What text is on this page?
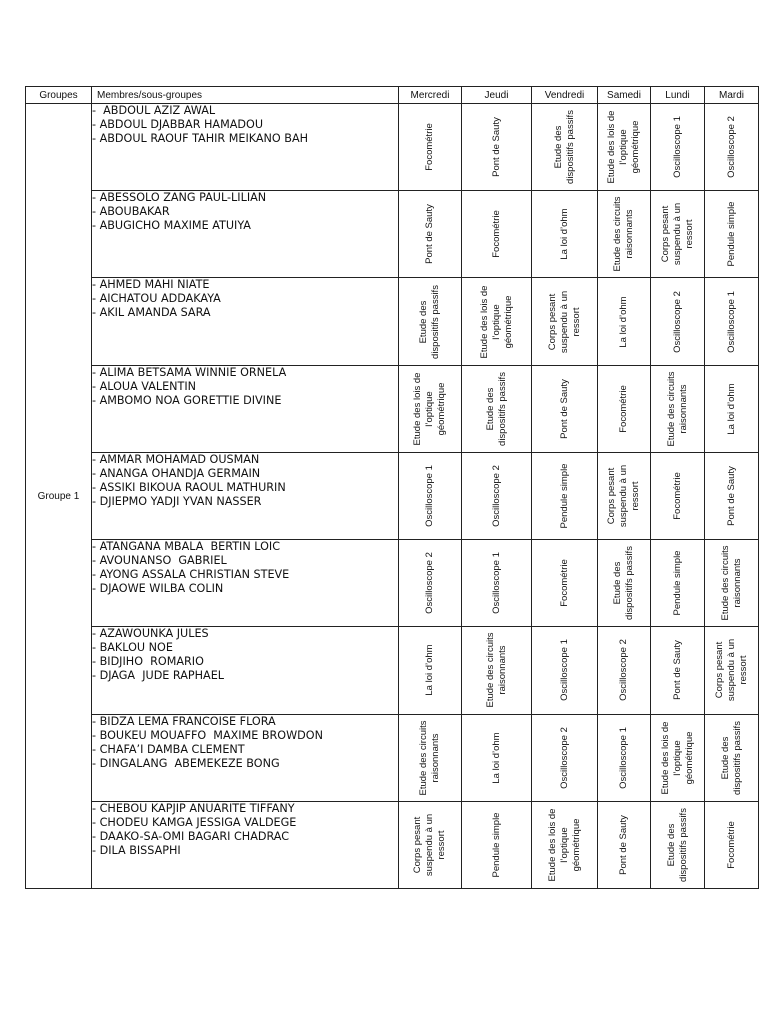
Groupes	Membres/sous-groupes	Mercredi	Jeudi	Vendredi	Samedi	Lundi	Mardi
Groupe 1	-  ABDOUL AZIZ AWAL
- ABDOUL DJABBAR HAMADOU
- ABDOUL RAOUF TAHIR MEIKANO BAH	Focométrie	Pont de Sauty	Etude des dispositifs passifs	Etude des lois de l’optique géométrique	Oscilloscope 1	Oscilloscope 2

	- ABESSOLO ZANG PAUL-LILIAN
- ABOUBAKAR
- ABUGICHO MAXIME ATUIYA	Pont de Sauty	Focométrie	La loi d’ohm	Etude des circuits raisonnants	Corps pesant suspendu à un ressort	Pendule simple

	- AHMED MAHI NIATE
- AICHATOU ADDAKAYA
- AKIL AMANDA SARA	Etude des dispositifs passifs	Etude des lois de l’optique géométrique	Corps pesant suspendu à un ressort	La loi d’ohm	Oscilloscope 2	Oscilloscope 1

	- ALIMA BETSAMA WINNIE ORNELA
- ALOUA VALENTIN
- AMBOMO NOA GORETTIE DIVINE	Etude des lois de l’optique géométrique	Etude des dispositifs passifs	Pont de Sauty	Focométrie	Etude des circuits raisonnants	La loi d’ohm

	- AMMAR MOHAMAD OUSMAN
- ANANGA OHANDJA GERMAIN
- ASSIKI BIKOUA RAOUL MATHURIN
- DJIEPMO YADJI YVAN NASSER	Oscilloscope 1	Oscilloscope 2	Pendule simple	Corps pesant suspendu à un ressort	Focométrie	Pont de Sauty

	- ATANGANA MBALA  BERTIN LOIC
- AVOUNANSO  GABRIEL
- AYONG ASSALA CHRISTIAN STEVE
- DJAOWE WILBA COLIN	Oscilloscope 2	Oscilloscope 1	Focométrie	Etude des dispositifs passifs	Pendule simple	Etude des circuits raisonnants

	- AZAWOUNKA JULES
- BAKLOU NOE
- BIDJIHO  ROMARIO
- DJAGA  JUDE RAPHAEL	La loi d’ohm	Etude des circuits raisonnants	Oscilloscope 1	Oscilloscope 2	Pont de Sauty	Corps pesant suspendu à un ressort

	- BIDZA LEMA FRANCOISE FLORA
- BOUKEU MOUAFFO  MAXIME BROWDON
- CHAFA’I DAMBA CLEMENT
- DINGALANG  ABEMEKEZE BONG	Etude des circuits raisonnants	La loi d’ohm	Oscilloscope 2	Oscilloscope 1	Etude des lois de l’optique géométrique	Etude des dispositifs passifs

	- CHEBOU KAPJIP ANUARITE TIFFANY
- CHODEU KAMGA JESSIGA VALDEGE
- DAAKO-SA-OMI BAGARI CHADRAC
- DILA BISSAPHI	Corps pesant suspendu à un ressort	Pendule simple	Etude des lois de l’optique géométrique	Pont de Sauty	Etude des dispositifs passifs	Focométrie
